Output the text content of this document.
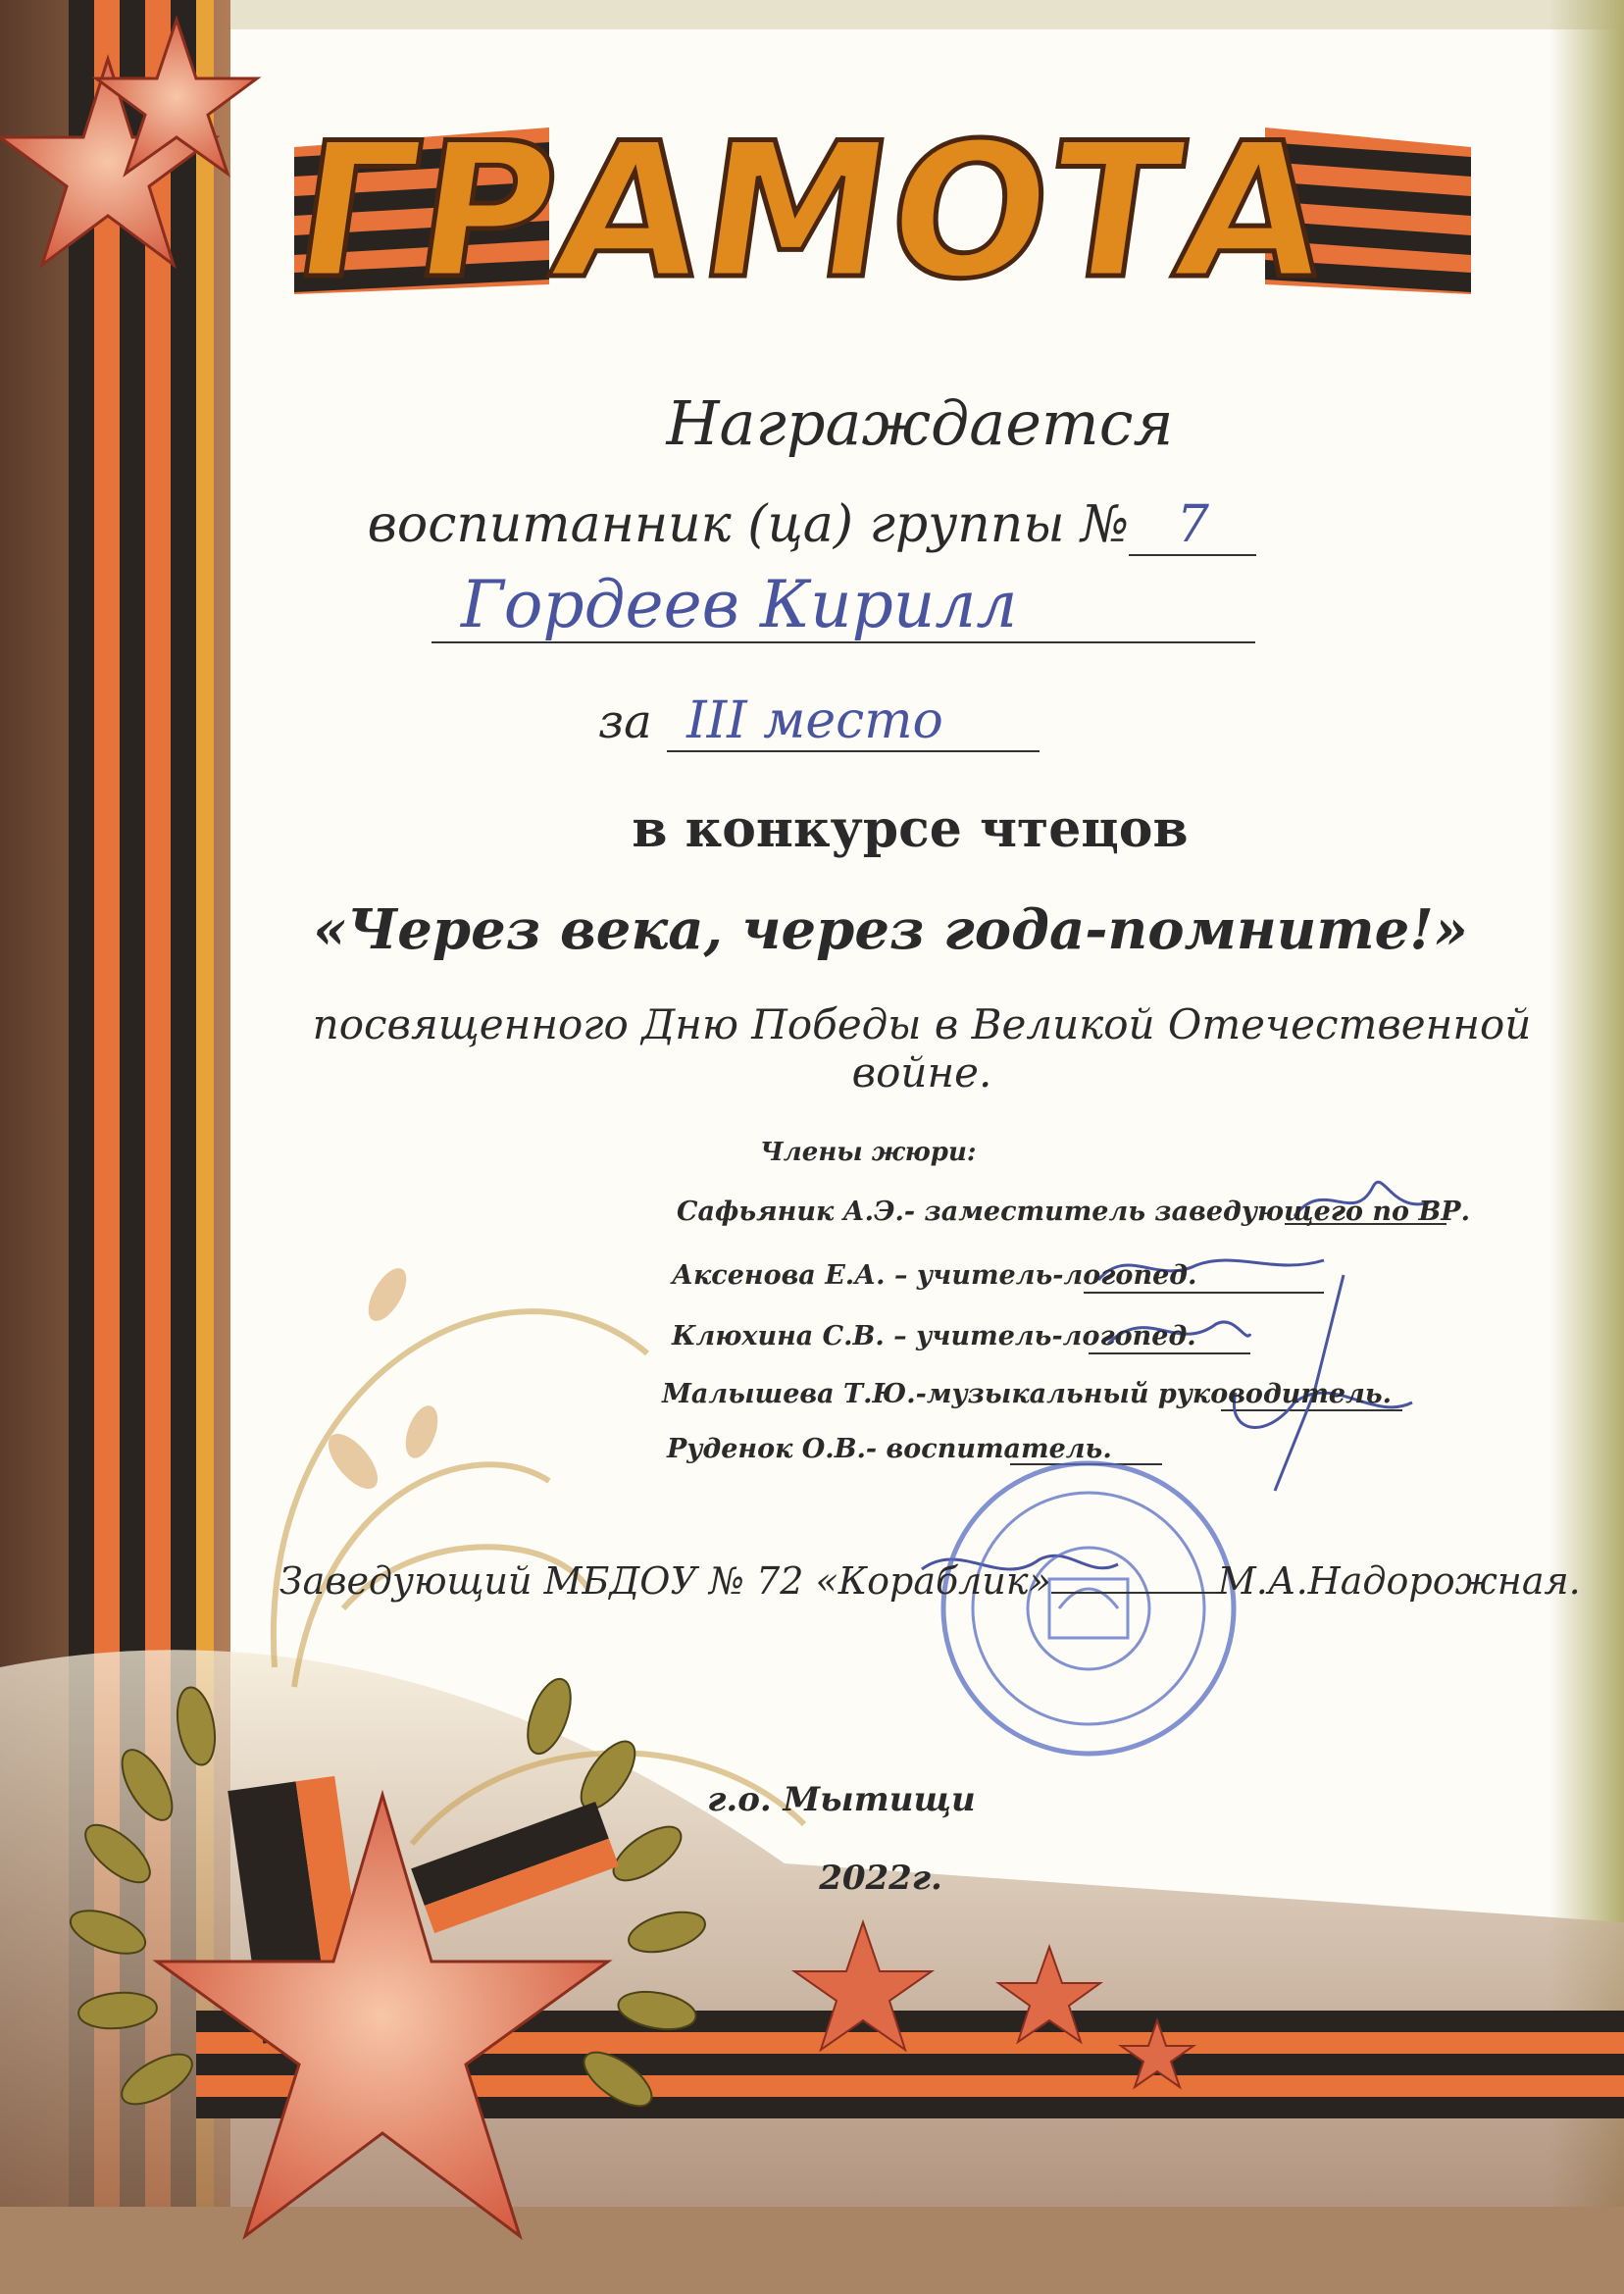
ГРАМОТА
Награждается
воспитанник (ца) группы № 7
Гордеев Кирилл
за III место
в конкурсе чтецов
«Через века, через года-помните!»
посвященного Дню Победы в Великой Отечественной войне.
Члены жюри:
Сафьяник А.Э.- заместитель заведующего по ВР.
Аксенова Е.А. – учитель-логопед.
Клюхина С.В. – учитель-логопед.
Малышева Т.Ю.-музыкальный руководитель.
Руденок О.В.- воспитатель.
Заведующий МБДОУ № 72 «Кораблик»	М.А.Надорожная.
г.о. Мытищи
2022г.
